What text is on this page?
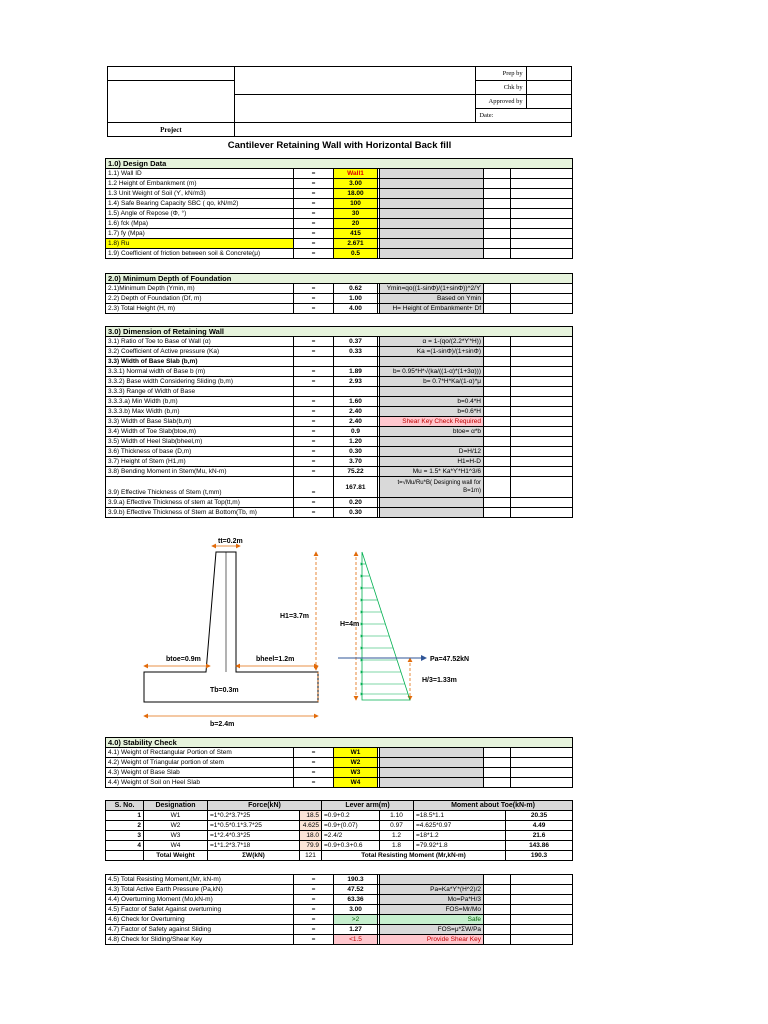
		Prep by	
		Chk by	
		Approved by	
		Date:	
Project			
Cantilever Retaining Wall with Horizontal Back fill
1.0) Design Data						
1.1) Wall ID	=	Wall1				
1.2 Height of Embankment (m)	=	3.00				
1.3 Unit Weight of Soil (ϒ, kN/m3)	=	18.00				
1.4) Safe Bearing Capacity SBC ( qo, kN/m2)	=	100				
1.5) Angle of Repose (Φ, °)	=	30				
1.6) fck (Mpa)	=	20				
1.7) fy (Mpa)	=	415				
1.8) Ru	=	2.671				
1.9) Coefficient of friction between soil & Concrete(μ)	=	0.5				
2.0) Minimum Depth of Foundation						
2.1)Minimum Depth (Ymin, m)	=	0.62		Ymin=qo((1-sinΦ)/(1+sinΦ))^2/ϒ		
2.2) Depth of Foundation (Df, m)	=	1.00		Based on Ymin		
2.3) Total Height (H, m)	=	4.00		H= Height of Embankment+ Df		
3.0) Dimension of Retaining Wall						
3.1) Ratio of Toe to Base of Wall (α)	=	0.37		α = 1-(qo/(2.2*ϒ*H))		
3.2) Coefficient of Active pressure (Ka)	=	0.33		Ka =(1-sinΦ)/(1+sinΦ)		
3.3) Width of Base Slab (b,m)						
3.3.1) Normal width of Base b (m)	=	1.89		b= 0.95*H*√(ka/((1-α)*(1+3α)))		
3.3.2) Base width Considering Sliding (b,m)	=	2.93		b= 0.7*H*Ka/(1-α)*μ		
3.3.3) Range of Width of Base						
3.3.3.a) Min Width (b,m)	=	1.60		b=0.4*H		
3.3.3.b) Max Width (b,m)	=	2.40		b=0.6*H		
3.3) Width of Base Slab(b,m)	=	2.40		Shear Key Check Required		
3.4) Width of Toe Slab(btoe,m)	=	0.9		btoe= α*b		
3.5) Width of Heel Slab(bheel,m)	=	1.20				
3.6) Thickness of base (D,m)	=	0.30		D=H/12		
3.7) Height of Stem (H1,m)	=	3.70		H1=H-D		
3.8) Bending Moment in Stem(Mu, kN-m)	=	75.22		Mu = 1.5* Ka*ϒ*H1^3/6		
3.9) Effective Thickness of Stem (t,mm)	=	167.81		t=√Mu/Ru*B( Designing wall for
B=1m)		
3.9.a) Effective Thickness of stem at Top(tt,m)	=	0.20				
3.9.b) Effective Thickness of Stem at Bottom(Tb, m)	=	0.30				
tt=0.2m
H1=3.7m
H=4m
btoe=0.9m	bheel=1.2m	Pa=47.52kN
Tb=0.3m
H/3=1.33m
b=2.4m
4.0) Stability Check						
4.1) Weight of Rectangular Portion of Stem	=	W1				
4.2) Weight of Triangular portion of stem	=	W2				
4.3) Weight of Base Slab	=	W3				
4.4) Weight of Soil on Heel Slab	=	W4				
S. No.	Designation	Force(kN)		Lever arm(m)		Moment about Toe(kN-m)	
1	W1	=1*0.2*3.7*25	18.5	=0.9+0.2	1.10	=18.5*1.1	20.35
2	W2	=1*0.5*0.1*3.7*25	4.625	=0.9+(0.07)	0.97	=4.625*0.97	4.49
3	W3	=1*2.4*0.3*25	18.0	=2.4/2	1.2	=18*1.2	21.6
4	W4	=1*1.2*3.7*18	79.9	=0.9+0.3+0.6	1.8	=79.92*1.8	143.86
	Total Weight	ΣW(kN)	121	Total Resisting Moment (Mr,kN-m)			190.3
4.5) Total Resisting Moment,(Mr, kN-m)	=	190.3				
4.3) Total Active Earth Pressure (Pa,kN)	=	47.52		Pa=Ka*ϒ*(H^2)/2		
4.4) Overturning Moment (Mo,kN-m)	=	63.36		Mo=Pa*H/3		
4.5) Factor of Safet Against overturning	=	3.00		FOS=Mr/Mo		
4.6) Check for Overturning	=	>2		Safe		
4.7) Factor of Safety against Sliding	=	1.27		FOS=μ*ΣW/Pa		
4.8) Check for Sliding/Shear Key	=	<1.5		Provide Shear Key		
